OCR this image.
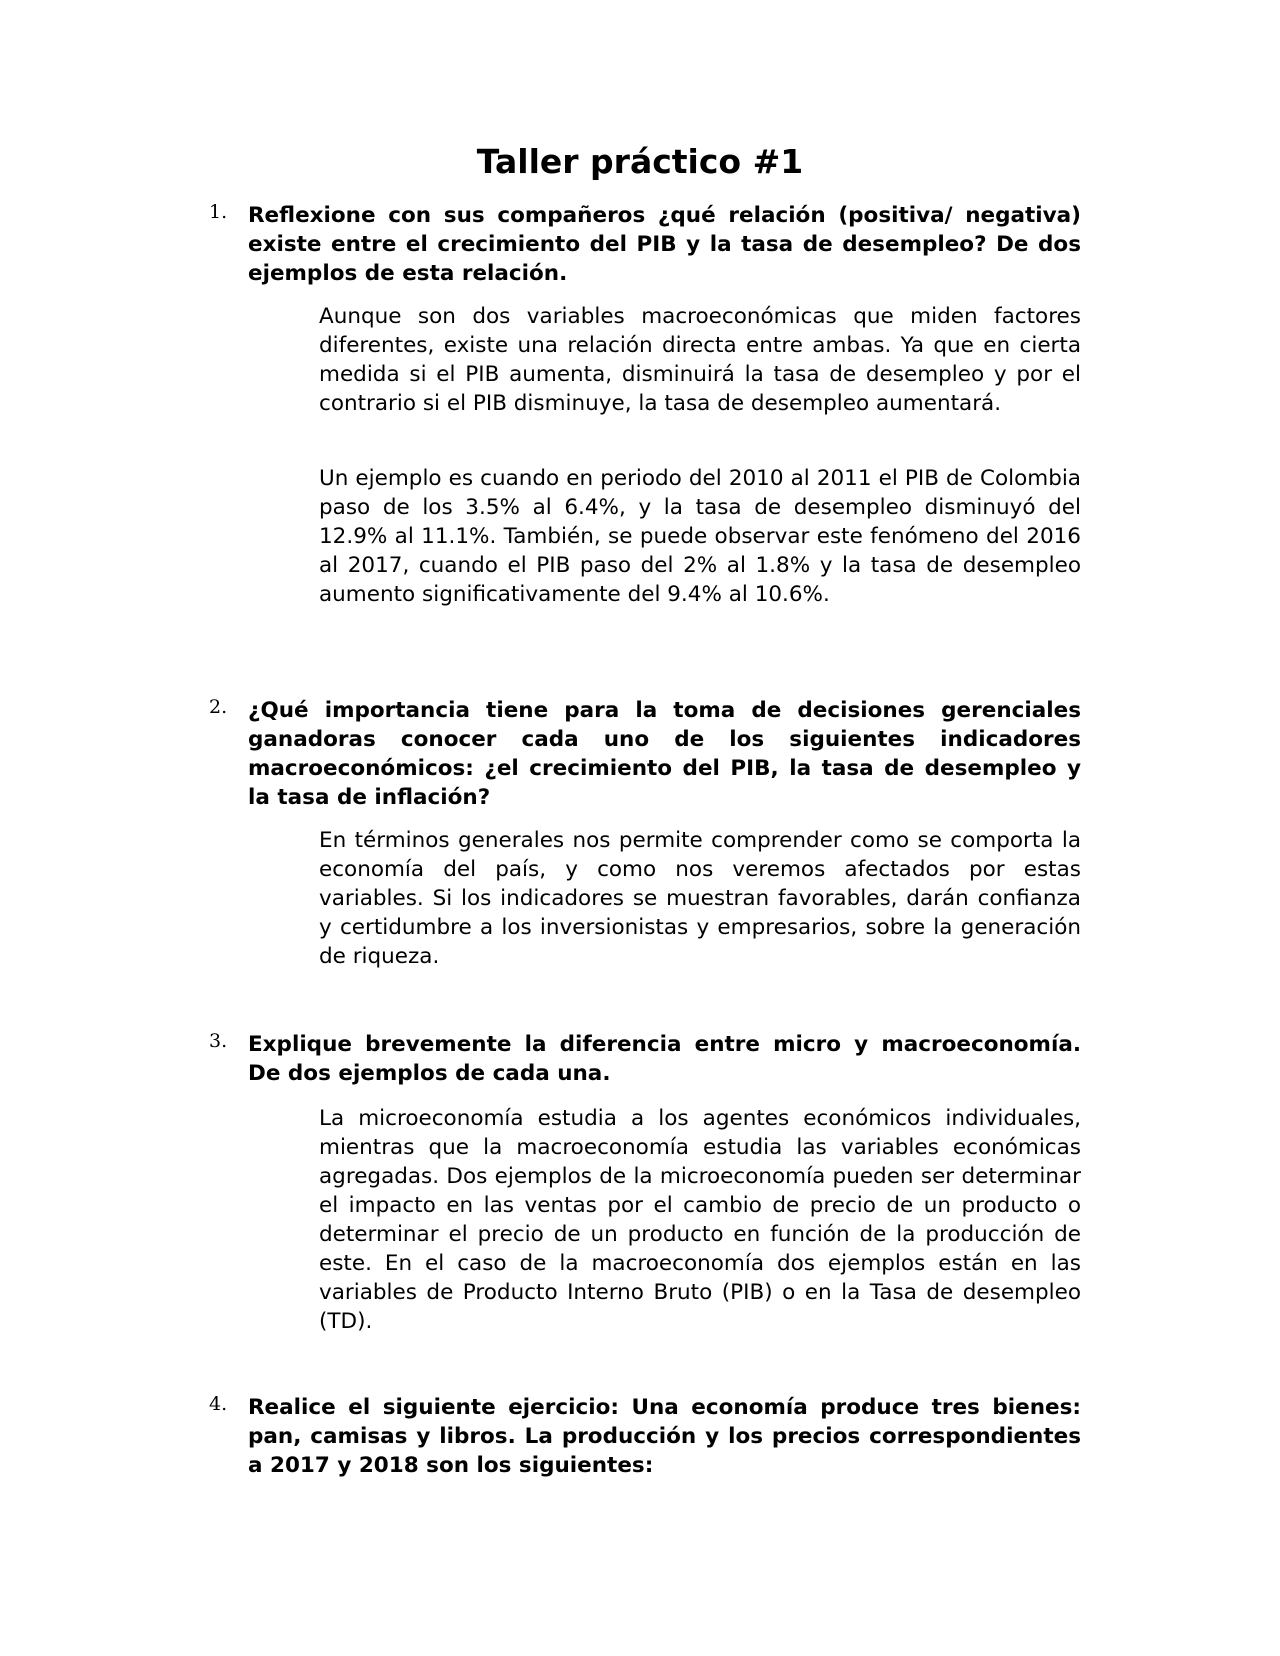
Taller práctico #1
1. Reflexione con sus compañeros ¿qué relación (positiva/ negativa) existe entre el crecimiento del PIB y la tasa de desempleo? De dos ejemplos de esta relación.

Aunque son dos variables macroeconómicas que miden factores diferentes, existe una relación directa entre ambas. Ya que en cierta medida si el PIB aumenta, disminuirá la tasa de desempleo y por el contrario si el PIB disminuye, la tasa de desempleo aumentará.

Un ejemplo es cuando en periodo del 2010 al 2011 el PIB de Colombia paso de los 3.5% al 6.4%, y la tasa de desempleo disminuyó del 12.9% al 11.1%. También, se puede observar este fenómeno del 2016 al 2017, cuando el PIB paso del 2% al 1.8% y la tasa de desempleo aumento significativamente del 9.4% al 10.6%.

2. ¿Qué importancia tiene para la toma de decisiones gerenciales ganadoras conocer cada uno de los siguientes indicadores macroeconómicos: ¿el crecimiento del PIB, la tasa de desempleo y la tasa de inflación?

En términos generales nos permite comprender como se comporta la economía del país, y como nos veremos afectados por estas variables. Si los indicadores se muestran favorables, darán confianza y certidumbre a los inversionistas y empresarios, sobre la generación de riqueza.

3. Explique brevemente la diferencia entre micro y macroeconomía. De dos ejemplos de cada una.

La microeconomía estudia a los agentes económicos individuales, mientras que la macroeconomía estudia las variables económicas agregadas. Dos ejemplos de la microeconomía pueden ser determinar el impacto en las ventas por el cambio de precio de un producto o determinar el precio de un producto en función de la producción de este. En el caso de la macroeconomía dos ejemplos están en las variables de Producto Interno Bruto (PIB) o en la Tasa de desempleo (TD).

4. Realice el siguiente ejercicio: Una economía produce tres bienes: pan, camisas y libros. La producción y los precios correspondientes a 2017 y 2018 son los siguientes:
